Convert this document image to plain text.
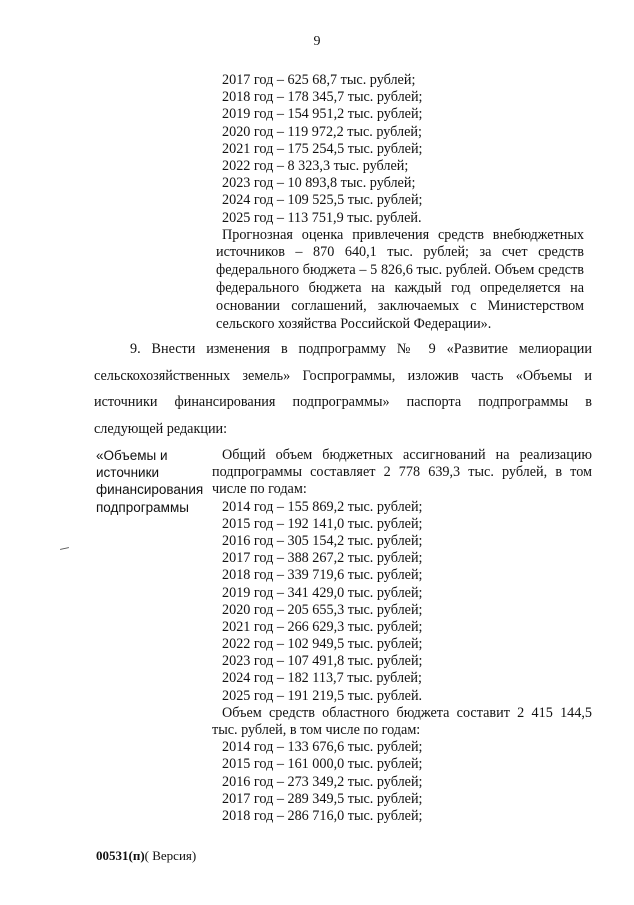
9
2017 год – 625 68,7 тыс. рублей;
2018 год – 178 345,7 тыс. рублей;
2019 год – 154 951,2 тыс. рублей;
2020 год – 119 972,2 тыс. рублей;
2021 год – 175 254,5 тыс. рублей;
2022 год – 8 323,3 тыс. рублей;
2023 год – 10 893,8 тыс. рублей;
2024 год – 109 525,5 тыс. рублей;
2025 год – 113 751,9 тыс. рублей.
Прогнозная оценка привлечения средств внебюджетных источников – 870 640,1 тыс. рублей; за счет средств федерального бюджета – 5 826,6 тыс. рублей. Объем средств федерального бюджета на каждый год определяется на основании соглашений, заключаемых с Министерством сельского хозяйства Российской Федерации».
9. Внести изменения в подпрограмму № 9 «Развитие мелиорации сельскохозяйственных земель» Госпрограммы, изложив часть «Объемы и источники финансирования подпрограммы» паспорта подпрограммы в следующей редакции:
«Объемы и
источники
финансирования
подпрограммы
Общий объем бюджетных ассигнований на реализацию подпрограммы составляет 2 778 639,3 тыс. рублей, в том числе по годам:
2014 год – 155 869,2 тыс. рублей;
2015 год – 192 141,0 тыс. рублей;
2016 год – 305 154,2 тыс. рублей;
2017 год – 388 267,2 тыс. рублей;
2018 год – 339 719,6 тыс. рублей;
2019 год – 341 429,0 тыс. рублей;
2020 год – 205 655,3 тыс. рублей;
2021 год – 266 629,3 тыс. рублей;
2022 год – 102 949,5 тыс. рублей;
2023 год – 107 491,8 тыс. рублей;
2024 год – 182 113,7 тыс. рублей;
2025 год – 191 219,5 тыс. рублей.
Объем средств областного бюджета составит 2 415 144,5 тыс. рублей, в том числе по годам:
2014 год – 133 676,6 тыс. рублей;
2015 год – 161 000,0 тыс. рублей;
2016 год – 273 349,2 тыс. рублей;
2017 год – 289 349,5 тыс. рублей;
2018 год – 286 716,0 тыс. рублей;
00531(п)( Версия)
